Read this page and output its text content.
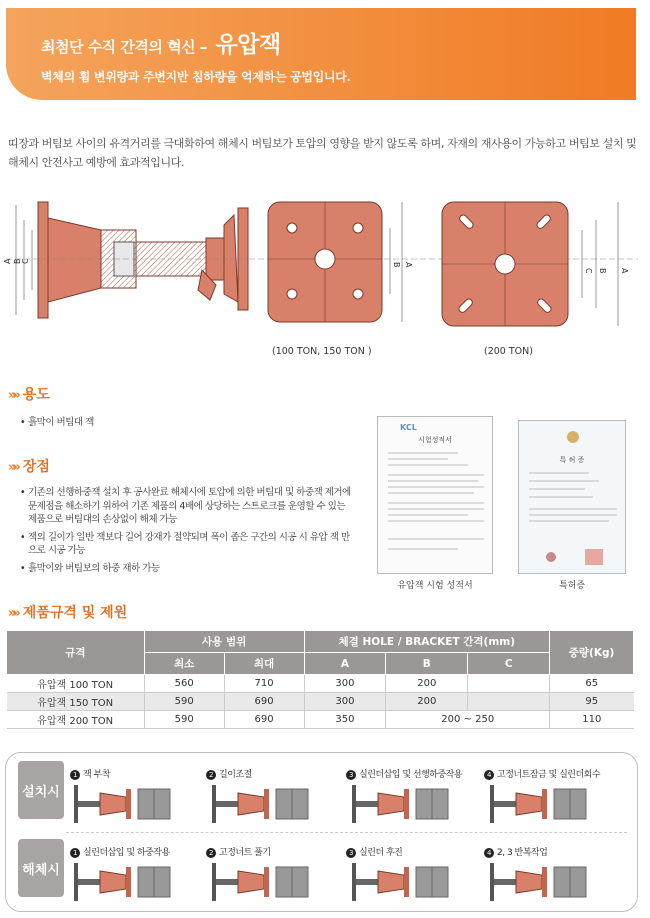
최첨단 수직 간격의 혁신 – 유압잭
벽체의 휨 변위량과 주변지반 침하량을 억제하는 공법입니다.
띠장과 버팀보 사이의 유격거리를 극대화하여 해체시 버팀보가 토압의 영향을 받지 않도록 하며, 자재의 재사용이 가능하고 버팀보 설치 및 해체시 안전사고 예방에 효과적입니다.
B A
C B A
A B C
(100 TON, 150 TON )	(200 TON)
»» 용도
• 흙막이 버팀대 잭
»» 장점
• 기존의 선행하중잭 설치 후 공사완료 해체시에 토압에 의한 버팀대 및 하중잭 제거에 문제점을 해소하기 위하여 기존 제품의 4배에 상당하는 스트로크를 운영할 수 있는 제품으로 버팀대의 손상없이 해체 가능
• 잭의 길이가 일반 잭보다 길어 강재가 절약되며 폭이 좁은 구간의 시공 시 유압 잭 만으로 시공 가능
• 흙막이와 버팀보의 하중 재하 가능
KCL
시험성적서
유압잭 시험 성적서
특 허 증
특허증
»» 제품규격 및 제원
규격	사용 범위		체결 HOLE / BRACKET 간격(mm)			중량(Kg)
	최소	최대	A	B	C	
유압잭 100 TON	560	710	300	200		65
유압잭 150 TON	590	690	300	200		95
유압잭 200 TON	590	690	350	200 ~ 250		110
설치시
해체시
1 잭 부착	2 길이조절	3 실린더삽입 및 선행하중작용	4 고정너트잠금 및 실린더회수
1 실린더삽입 및 하중작용	2 고정너트 풀기	3 실린더 후진	4 2, 3 반복작업
